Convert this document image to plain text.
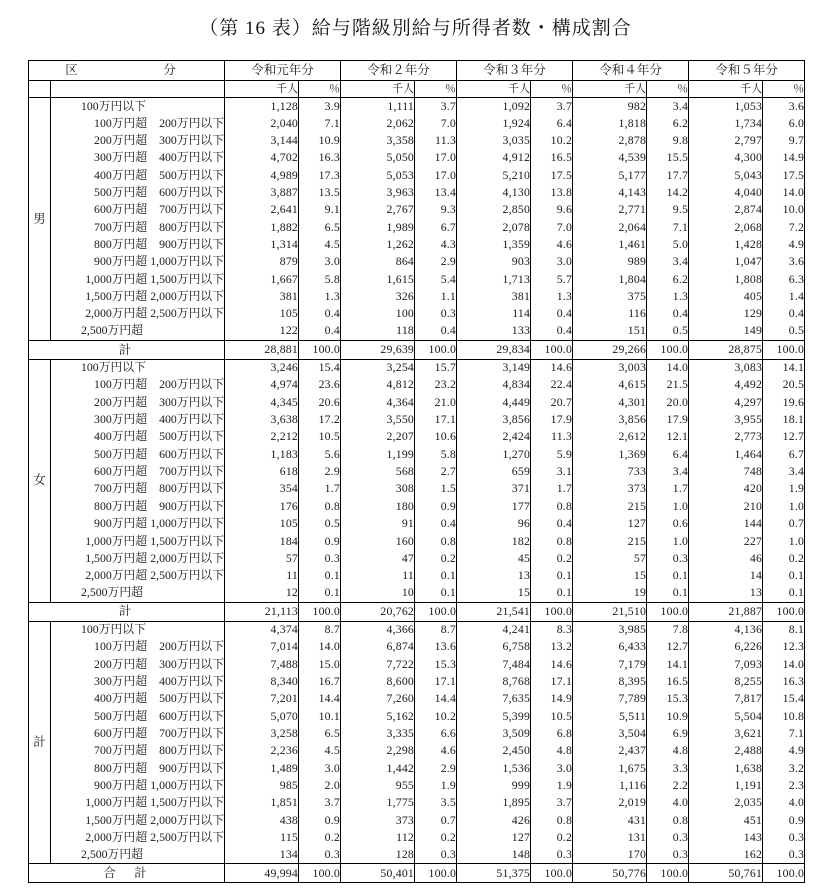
（第 16 表）給与階級別給与所得者数・構成割合
区　　　分		令和元年分		令和２年分		令和３年分		令和４年分		令和５年分	
		千人	％	千人	％	千人	％	千人	％	千人	％
男	100万円以下	1,128	3.9	1,111	3.7	1,092	3.7	982	3.4	1,053	3.6

	100万円超 200万円以下	2,040	7.1	2,062	7.0	1,924	6.4	1,818	6.2	1,734	6.0

	200万円超 300万円以下	3,144	10.9	3,358	11.3	3,035	10.2	2,878	9.8	2,797	9.7

	300万円超 400万円以下	4,702	16.3	5,050	17.0	4,912	16.5	4,539	15.5	4,300	14.9

	400万円超 500万円以下	4,989	17.3	5,053	17.0	5,210	17.5	5,177	17.7	5,043	17.5

	500万円超 600万円以下	3,887	13.5	3,963	13.4	4,130	13.8	4,143	14.2	4,040	14.0

	600万円超 700万円以下	2,641	9.1	2,767	9.3	2,850	9.6	2,771	9.5	2,874	10.0

	700万円超 800万円以下	1,882	6.5	1,989	6.7	2,078	7.0	2,064	7.1	2,068	7.2

	800万円超 900万円以下	1,314	4.5	1,262	4.3	1,359	4.6	1,461	5.0	1,428	4.9

	900万円超 1,000万円以下	879	3.0	864	2.9	903	3.0	989	3.4	1,047	3.6

	1,000万円超 1,500万円以下	1,667	5.8	1,615	5.4	1,713	5.7	1,804	6.2	1,808	6.3

	1,500万円超 2,000万円以下	381	1.3	326	1.1	381	1.3	375	1.3	405	1.4

	2,000万円超 2,500万円以下	105	0.4	100	0.3	114	0.4	116	0.4	129	0.4

	2,500万円超	122	0.4	118	0.4	133	0.4	151	0.5	149	0.5
計		28,881	100.0	29,639	100.0	29,834	100.0	29,266	100.0	28,875	100.0
女	100万円以下	3,246	15.4	3,254	15.7	3,149	14.6	3,003	14.0	3,083	14.1

	100万円超 200万円以下	4,974	23.6	4,812	23.2	4,834	22.4	4,615	21.5	4,492	20.5

	200万円超 300万円以下	4,345	20.6	4,364	21.0	4,449	20.7	4,301	20.0	4,297	19.6

	300万円超 400万円以下	3,638	17.2	3,550	17.1	3,856	17.9	3,856	17.9	3,955	18.1

	400万円超 500万円以下	2,212	10.5	2,207	10.6	2,424	11.3	2,612	12.1	2,773	12.7

	500万円超 600万円以下	1,183	5.6	1,199	5.8	1,270	5.9	1,369	6.4	1,464	6.7

	600万円超 700万円以下	618	2.9	568	2.7	659	3.1	733	3.4	748	3.4

	700万円超 800万円以下	354	1.7	308	1.5	371	1.7	373	1.7	420	1.9

	800万円超 900万円以下	176	0.8	180	0.9	177	0.8	215	1.0	210	1.0

	900万円超 1,000万円以下	105	0.5	91	0.4	96	0.4	127	0.6	144	0.7

	1,000万円超 1,500万円以下	184	0.9	160	0.8	182	0.8	215	1.0	227	1.0

	1,500万円超 2,000万円以下	57	0.3	47	0.2	45	0.2	57	0.3	46	0.2

	2,000万円超 2,500万円以下	11	0.1	11	0.1	13	0.1	15	0.1	14	0.1

	2,500万円超	12	0.1	10	0.1	15	0.1	19	0.1	13	0.1
計		21,113	100.0	20,762	100.0	21,541	100.0	21,510	100.0	21,887	100.0
計	100万円以下	4,374	8.7	4,366	8.7	4,241	8.3	3,985	7.8	4,136	8.1

	100万円超 200万円以下	7,014	14.0	6,874	13.6	6,758	13.2	6,433	12.7	6,226	12.3

	200万円超 300万円以下	7,488	15.0	7,722	15.3	7,484	14.6	7,179	14.1	7,093	14.0

	300万円超 400万円以下	8,340	16.7	8,600	17.1	8,768	17.1	8,395	16.5	8,255	16.3

	400万円超 500万円以下	7,201	14.4	7,260	14.4	7,635	14.9	7,789	15.3	7,817	15.4

	500万円超 600万円以下	5,070	10.1	5,162	10.2	5,399	10.5	5,511	10.9	5,504	10.8

	600万円超 700万円以下	3,258	6.5	3,335	6.6	3,509	6.8	3,504	6.9	3,621	7.1

	700万円超 800万円以下	2,236	4.5	2,298	4.6	2,450	4.8	2,437	4.8	2,488	4.9

	800万円超 900万円以下	1,489	3.0	1,442	2.9	1,536	3.0	1,675	3.3	1,638	3.2

	900万円超 1,000万円以下	985	2.0	955	1.9	999	1.9	1,116	2.2	1,191	2.3

	1,000万円超 1,500万円以下	1,851	3.7	1,775	3.5	1,895	3.7	2,019	4.0	2,035	4.0

	1,500万円超 2,000万円以下	438	0.9	373	0.7	426	0.8	431	0.8	451	0.9

	2,000万円超 2,500万円以下	115	0.2	112	0.2	127	0.2	131	0.3	143	0.3

	2,500万円超	134	0.3	128	0.3	148	0.3	170	0.3	162	0.3
合　計		49,994	100.0	50,401	100.0	51,375	100.0	50,776	100.0	50,761	100.0
